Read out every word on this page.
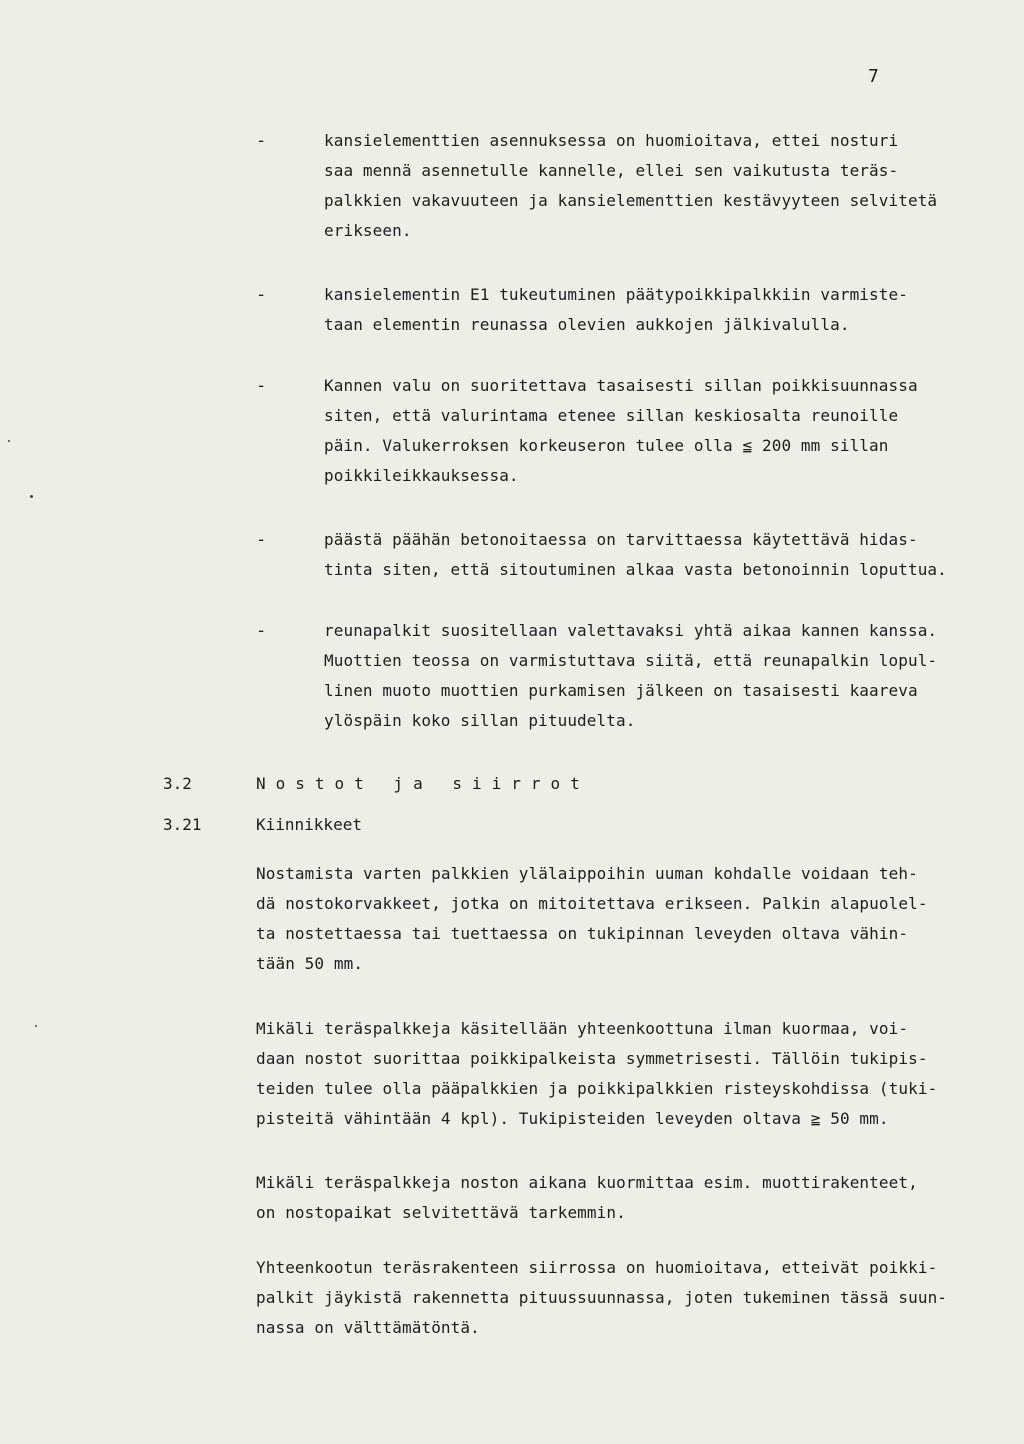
7
-	kansielementtien asennuksessa on huomioitava, ettei nosturi
saa mennä asennetulle kannelle, ellei sen vaikutusta teräs-
palkkien vakavuuteen ja kansielementtien kestävyyteen selvitetä
erikseen.
-	kansielementin E1 tukeutuminen päätypoikkipalkkiin varmiste-
taan elementin reunassa olevien aukkojen jälkivalulla.
-	Kannen valu on suoritettava tasaisesti sillan poikkisuunnassa
siten, että valurintama etenee sillan keskiosalta reunoille
päin. Valukerroksen korkeuseron tulee olla ≦ 200 mm sillan
poikkileikkauksessa.
-	päästä päähän betonoitaessa on tarvittaessa käytettävä hidas-
tinta siten, että sitoutuminen alkaa vasta betonoinnin loputtua.
-	reunapalkit suositellaan valettavaksi yhtä aikaa kannen kanssa.
Muottien teossa on varmistuttava siitä, että reunapalkin lopul-
linen muoto muottien purkamisen jälkeen on tasaisesti kaareva
ylöspäin koko sillan pituudelta.
3.2	Nostot ja siirrot
3.21	Kiinnikkeet
Nostamista varten palkkien ylälaippoihin uuman kohdalle voidaan teh-
dä nostokorvakkeet, jotka on mitoitettava erikseen. Palkin alapuolel-
ta nostettaessa tai tuettaessa on tukipinnan leveyden oltava vähin-
tään 50 mm.
Mikäli teräspalkkeja käsitellään yhteenkoottuna ilman kuormaa, voi-
daan nostot suorittaa poikkipalkeista symmetrisesti. Tällöin tukipis-
teiden tulee olla pääpalkkien ja poikkipalkkien risteyskohdissa (tuki-
pisteitä vähintään 4 kpl). Tukipisteiden leveyden oltava ≧ 50 mm.
Mikäli teräspalkkeja noston aikana kuormittaa esim. muottirakenteet,
on nostopaikat selvitettävä tarkemmin.
Yhteenkootun teräsrakenteen siirrossa on huomioitava, etteivät poikki-
palkit jäykistä rakennetta pituussuunnassa, joten tukeminen tässä suun-
nassa on välttämätöntä.
